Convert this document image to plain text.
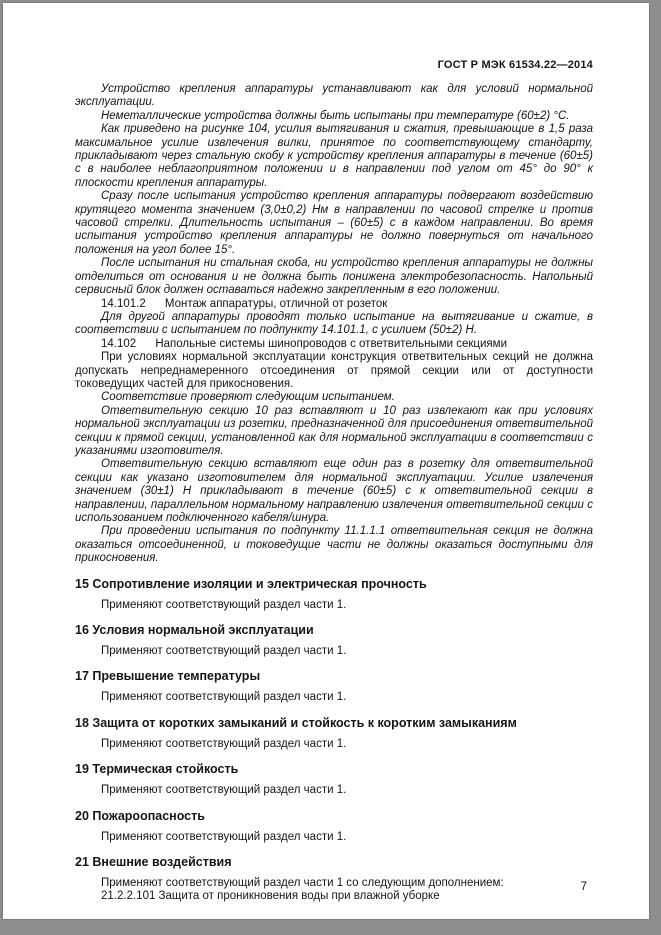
ГОСТ Р МЭК 61534.22—2014

Устройство крепления аппаратуры устанавливают как для условий нормальной эксплуатации.

Неметаллические устройства должны быть испытаны при температуре (60±2) °С.

Как приведено на рисунке 104, усилия вытягивания и сжатия, превышающие в 1,5 раза максимальное усилие извлечения вилки, принятое по соответствующему стандарту, прикладывают через стальную скобу к устройству крепления аппаратуры в течение (60±5) с в наиболее неблагоприятном положении и в направлении под углом от 45° до 90° к плоскости крепления аппаратуры.

Сразу после испытания устройство крепления аппаратуры подвергают воздействию крутящего момента значением (3,0±0,2) Нм в направлении по часовой стрелке и против часовой стрелки. Длительность испытания – (60±5) с в каждом направлении. Во время испытания устройство крепления аппаратуры не должно повернуться от начального положения на угол более 15°.

После испытания ни стальная скоба, ни устройство крепления аппаратуры не должны отделиться от основания и не должна быть понижена электробезопасность. Напольный сервисный блок должен оставаться надежно закрепленным в его положении.

14.101.2      Монтаж аппаратуры, отличной от розеток

Для другой аппаратуры проводят только испытание на вытягивание и сжатие, в соответствии с испытанием по подпункту 14.101.1, с усилием (50±2) Н.

14.102      Напольные системы шинопроводов с ответвительными секциями

При условиях нормальной эксплуатации конструкция ответвительных секций не должна допускать непреднамеренного отсоединения от прямой секции или от доступности токоведущих частей для прикосновения.

Соответствие проверяют следующим испытанием.

Ответвительную секцию 10 раз вставляют и 10 раз извлекают как при условиях нормальной эксплуатации из розетки, предназначенной для присоединения ответвительной секции к прямой секции, установленной как для нормальной эксплуатации в соответствии с указаниями изготовителя.

Ответвительную секцию вставляют еще один раз в розетку для ответвительной секции как указано изготовителем для нормальной эксплуатации. Усилие извлечения значением (30±1) Н прикладывают в течение (60±5) с к ответвительной секции в направлении, параллельном нормальному направлению извлечения ответвительной секции с использованием подключенного кабеля/шнура.

При проведении испытания по подпункту 11.1.1.1 ответвительная секция не должна оказаться отсоединенной, и токоведущие части не должны оказаться доступными для прикосновения.

15 Сопротивление изоляции и электрическая прочность

Применяют соответствующий раздел части 1.

16 Условия нормальной эксплуатации

Применяют соответствующий раздел части 1.

17 Превышение температуры

Применяют соответствующий раздел части 1.

18 Защита от коротких замыканий и стойкость к коротким замыканиям

Применяют соответствующий раздел части 1.

19 Термическая стойкость

Применяют соответствующий раздел части 1.

20 Пожароопасность

Применяют соответствующий раздел части 1.

21 Внешние воздействия

Применяют соответствующий раздел части 1 со следующим дополнением:

21.2.2.101 Защита от проникновения воды при влажной уборке

7
